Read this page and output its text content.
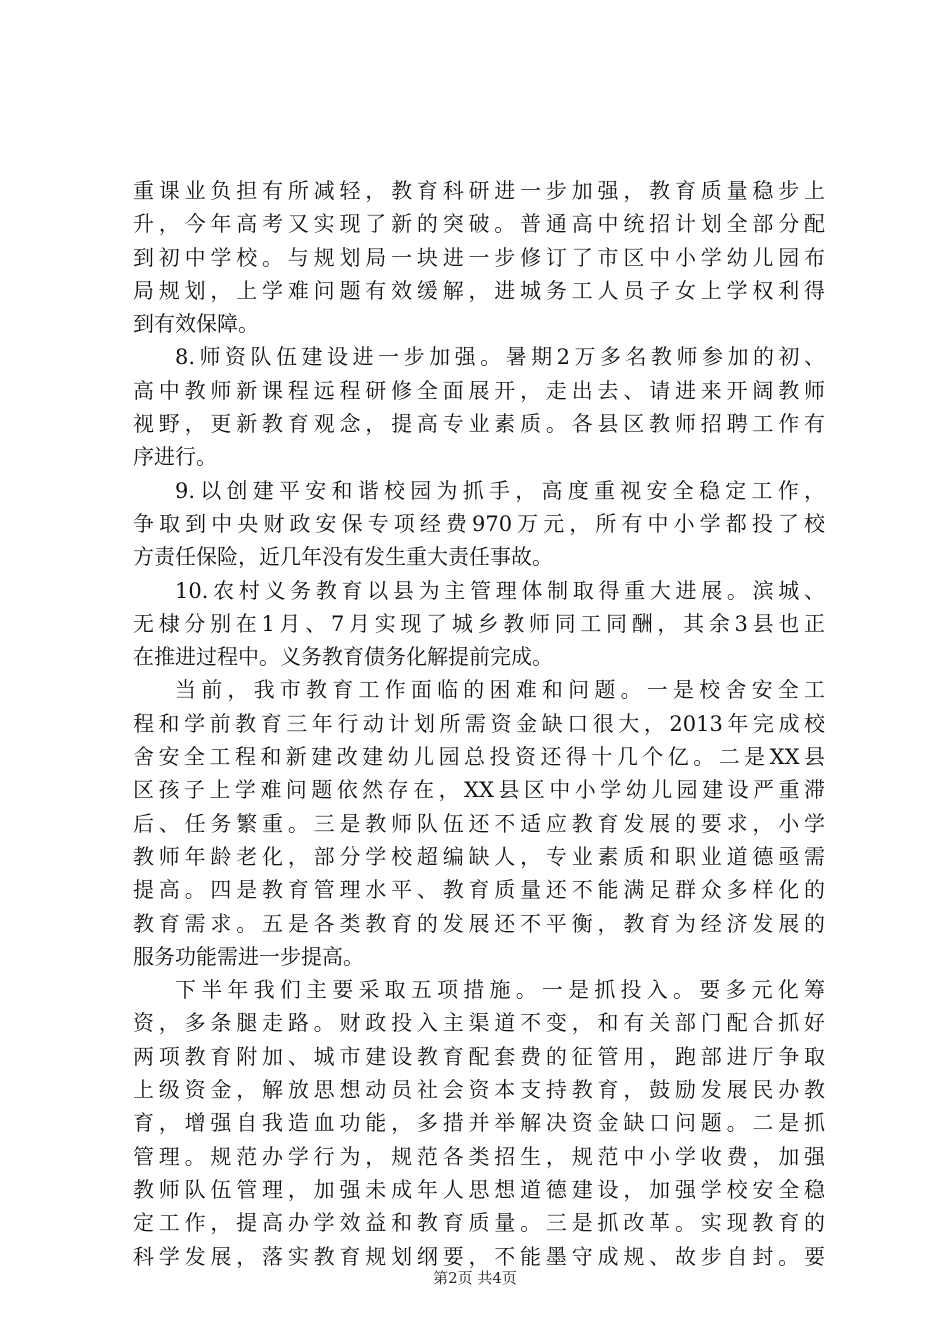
重课业负担有所减轻，教育科研进一步加强，教育质量稳步上
升，今年高考又实现了新的突破。普通高中统招计划全部分配
到初中学校。与规划局一块进一步修订了市区中小学幼儿园布
局规划，上学难问题有效缓解，进城务工人员子女上学权利得
到有效保障。
8.师资队伍建设进一步加强。暑期2万多名教师参加的初、
高中教师新课程远程研修全面展开，走出去、请进来开阔教师
视野，更新教育观念，提高专业素质。各县区教师招聘工作有
序进行。
9.以创建平安和谐校园为抓手，高度重视安全稳定工作，
争取到中央财政安保专项经费970万元，所有中小学都投了校
方责任保险，近几年没有发生重大责任事故。
10.农村义务教育以县为主管理体制取得重大进展。滨城、
无棣分别在1月、7月实现了城乡教师同工同酬，其余3县也正
在推进过程中。义务教育债务化解提前完成。
当前，我市教育工作面临的困难和问题。一是校舍安全工
程和学前教育三年行动计划所需资金缺口很大，2013年完成校
舍安全工程和新建改建幼儿园总投资还得十几个亿。二是XX县
区孩子上学难问题依然存在，XX县区中小学幼儿园建设严重滞
后、任务繁重。三是教师队伍还不适应教育发展的要求，小学
教师年龄老化，部分学校超编缺人，专业素质和职业道德亟需
提高。四是教育管理水平、教育质量还不能满足群众多样化的
教育需求。五是各类教育的发展还不平衡，教育为经济发展的
服务功能需进一步提高。
下半年我们主要采取五项措施。一是抓投入。要多元化筹
资，多条腿走路。财政投入主渠道不变，和有关部门配合抓好
两项教育附加、城市建设教育配套费的征管用，跑部进厅争取
上级资金，解放思想动员社会资本支持教育，鼓励发展民办教
育，增强自我造血功能，多措并举解决资金缺口问题。二是抓
管理。规范办学行为，规范各类招生，规范中小学收费，加强
教师队伍管理，加强未成年人思想道德建设，加强学校安全稳
定工作，提高办学效益和教育质量。三是抓改革。实现教育的
科学发展，落实教育规划纲要，不能墨守成规、故步自封。要
第2页 共4页
